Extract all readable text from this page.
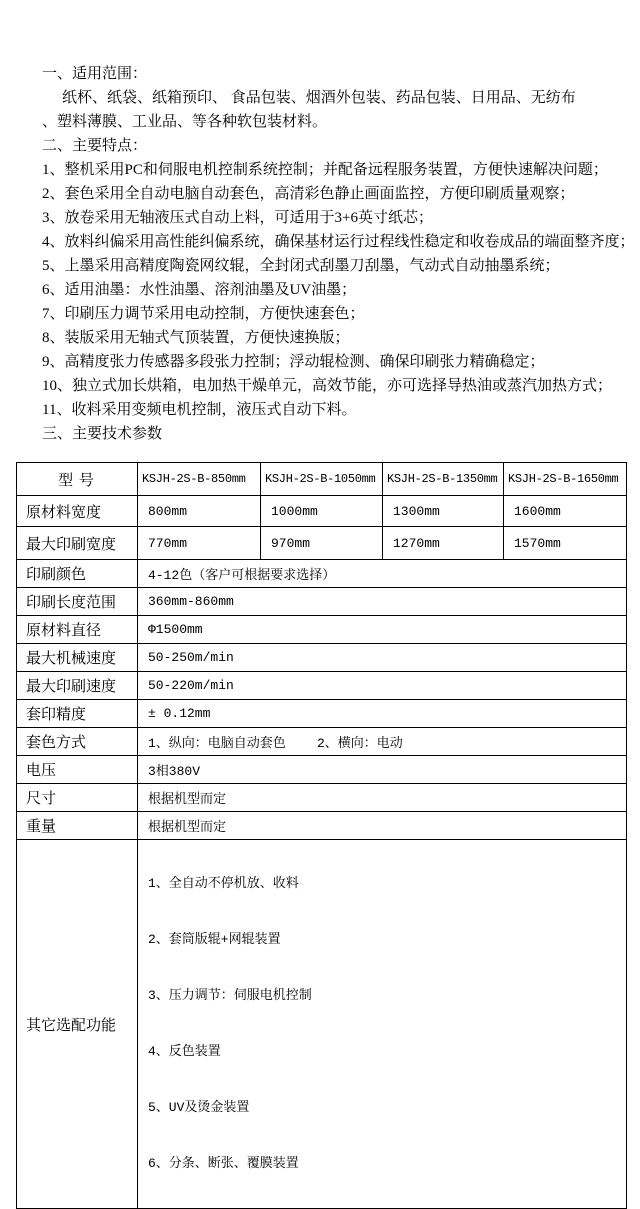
一、适用范围：

纸杯、纸袋、纸箱预印、 食品包装、烟酒外包装、药品包装、日用品、无纺布

、塑料薄膜、工业品、等各种软包装材料。

二、主要特点：

1、整机采用PC和伺服电机控制系统控制；并配备远程服务装置，方便快速解决问题；

2、套色采用全自动电脑自动套色，高清彩色静止画面监控，方便印刷质量观察；

3、放卷采用无轴液压式自动上料，可适用于3+6英寸纸芯；

4、放料纠偏采用高性能纠偏系统，确保基材运行过程线性稳定和收卷成品的端面整齐度；

5、上墨采用高精度陶瓷网纹辊，全封闭式刮墨刀刮墨，气动式自动抽墨系统；

6、适用油墨：水性油墨、溶剂油墨及UV油墨；

7、印刷压力调节采用电动控制，方便快速套色；

8、装版采用无轴式气顶装置，方便快速换版；

9、高精度张力传感器多段张力控制；浮动辊检测、确保印刷张力精确稳定；

10、独立式加长烘箱，电加热干燥单元，高效节能，亦可选择导热油或蒸汽加热方式；

11、收料采用变频电机控制，液压式自动下料。

三、主要技术参数

型 号	KSJH-2S-B-850mm	KSJH-2S-B-1050mm	KSJH-2S-B-1350mm	KSJH-2S-B-1650mm
原材料宽度	800mm	1000mm	1300mm	1600mm
最大印刷宽度	770mm	970mm	1270mm	1570mm
印刷颜色	4-12色（客户可根据要求选择）			
印刷长度范围	360mm-860mm			
原材料直径	Φ1500mm			
最大机械速度	50-250m/min			
最大印刷速度	50-220m/min			
套印精度	± 0.12mm			
套色方式	1、纵向：电脑自动套色    2、横向：电动			
电压	3相380V			
尺寸	根据机型而定			
重量	根据机型而定			
其它选配功能	

1、全自动不停机放、收料

2、套筒版辊+网辊装置

3、压力调节：伺服电机控制

4、反色装置

5、UV及烫金装置

6、分条、断张、覆膜装置
